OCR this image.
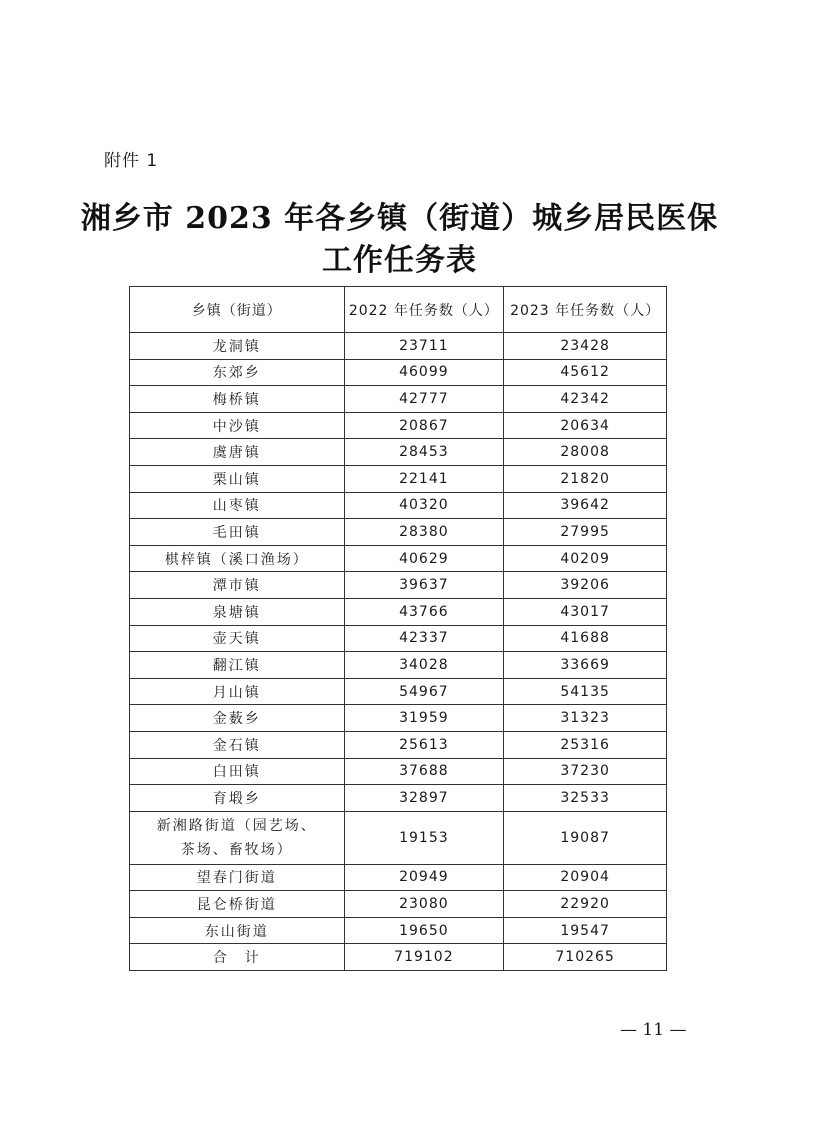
附件 1
湘乡市 2023 年各乡镇（街道）城乡居民医保
工作任务表
乡镇（街道）	2022 年任务数（人）	2023 年任务数（人）
龙洞镇	23711	23428
东郊乡	46099	45612
梅桥镇	42777	42342
中沙镇	20867	20634
虞唐镇	28453	28008
栗山镇	22141	21820
山枣镇	40320	39642
毛田镇	28380	27995
棋梓镇（溪口渔场）	40629	40209
潭市镇	39637	39206
泉塘镇	43766	43017
壶天镇	42337	41688
翻江镇	34028	33669
月山镇	54967	54135
金薮乡	31959	31323
金石镇	25613	25316
白田镇	37688	37230
育塅乡	32897	32533
新湘路街道（园艺场、
茶场、畜牧场）	19153	19087
望春门街道	20949	20904
昆仑桥街道	23080	22920
东山街道	19650	19547
合　计	719102	710265
— 11 —
